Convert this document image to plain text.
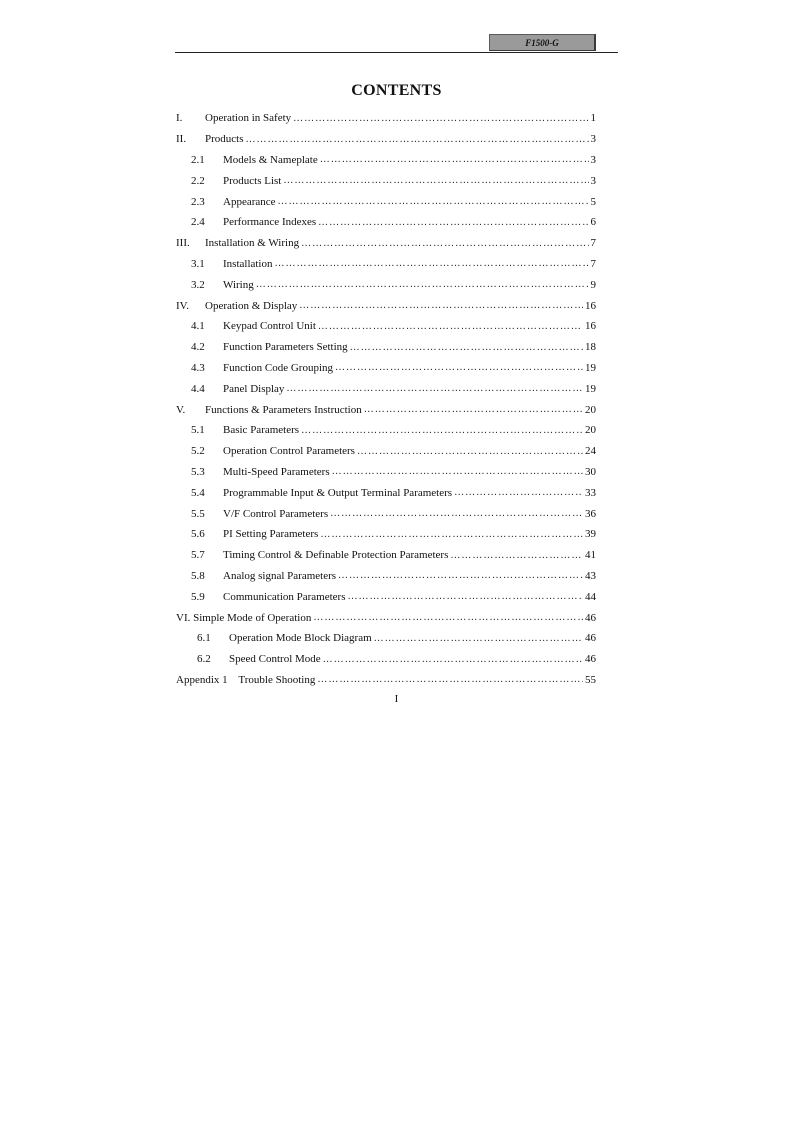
F1500-G
CONTENTS
I.	Operation in Safety …………………………………………………………………………………………………………………………………	1
II.	Products …………………………………………………………………………………………………………………………………	3
2.1	Models & Nameplate …………………………………………………………………………………………………………………………………	3
2.2	Products List …………………………………………………………………………………………………………………………………	3
2.3	Appearance …………………………………………………………………………………………………………………………………	5
2.4	Performance Indexes …………………………………………………………………………………………………………………………………	6
III.	Installation & Wiring …………………………………………………………………………………………………………………………………	7
3.1	Installation …………………………………………………………………………………………………………………………………	7
3.2	Wiring …………………………………………………………………………………………………………………………………	9
IV.	Operation & Display …………………………………………………………………………………………………………………………………	16
4.1	Keypad Control Unit …………………………………………………………………………………………………………………………………	16
4.2	Function Parameters Setting …………………………………………………………………………………………………………………………………	18
4.3	Function Code Grouping …………………………………………………………………………………………………………………………………	19
4.4	Panel Display …………………………………………………………………………………………………………………………………	19
V.	Functions & Parameters Instruction …………………………………………………………………………………………………………………………………	20
5.1	Basic Parameters …………………………………………………………………………………………………………………………………	20
5.2	Operation Control Parameters …………………………………………………………………………………………………………………………………	24
5.3	Multi-Speed Parameters …………………………………………………………………………………………………………………………………	30
5.4	Programmable Input & Output Terminal Parameters …………………………………………………………………………………………………………………………………	33
5.5	V/F Control Parameters …………………………………………………………………………………………………………………………………	36
5.6	PI Setting Parameters …………………………………………………………………………………………………………………………………	39
5.7	Timing Control & Definable Protection Parameters …………………………………………………………………………………………………………………………………	41
5.8	Analog signal Parameters …………………………………………………………………………………………………………………………………	43
5.9	Communication Parameters …………………………………………………………………………………………………………………………………	44
VI. Simple Mode of Operation …………………………………………………………………………………………………………………………………	46
6.1	Operation Mode Block Diagram …………………………………………………………………………………………………………………………………	46
6.2	Speed Control Mode …………………………………………………………………………………………………………………………………	46
Appendix 1    Trouble Shooting …………………………………………………………………………………………………………………………………	55
I
